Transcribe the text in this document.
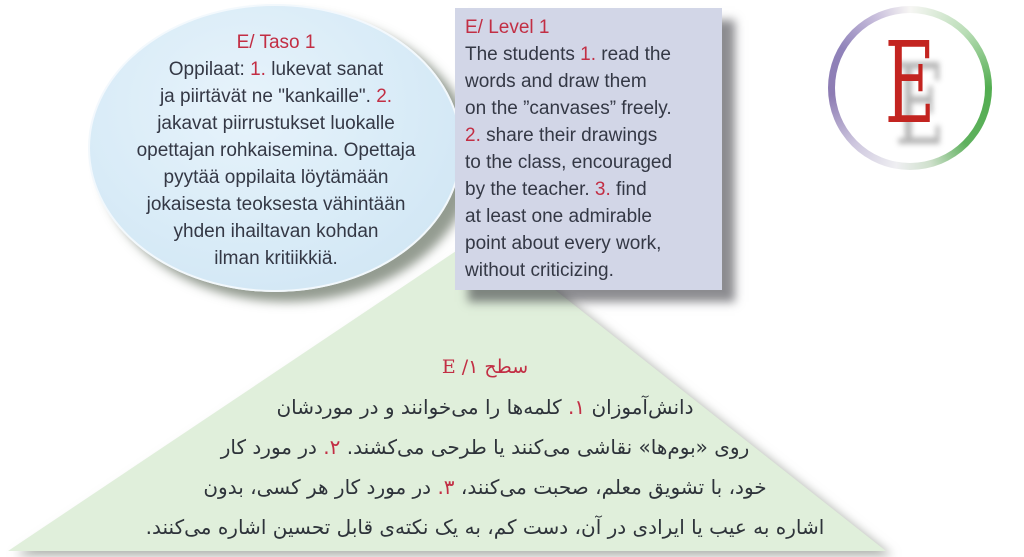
سطح ۱/ E
دانش‌آموزان ۱. کلمه‌ها را می‌خوانند و در موردشان
روی «بوم‌ها» نقاشی می‌کنند یا طرحی می‌کشند. ۲. در مورد کار
خود، با تشویق معلم، صحبت می‌کنند، ۳. در مورد کار هر کسی، بدون
اشاره به عیب یا ایرادی در آن، دست کم، به یک نکته‌ی قابل تحسین اشاره می‌کنند.
E/ Taso 1
Oppilaat: 1. lukevat sanat
ja piirtävät ne "kankaille". 2.
jakavat piirrustukset luokalle
opettajan rohkaisemina. Opettaja
pyytää oppilaita löytämään
jokaisesta teoksesta vähintään
yhden ihailtavan kohdan
ilman kritiikkiä.
E/ Level 1
The students 1. read the
words and draw them
on the ”canvases” freely.
2. share their drawings
to the class, encouraged
by the teacher. 3. find
at least one admirable
point about every work,
without criticizing.
E
